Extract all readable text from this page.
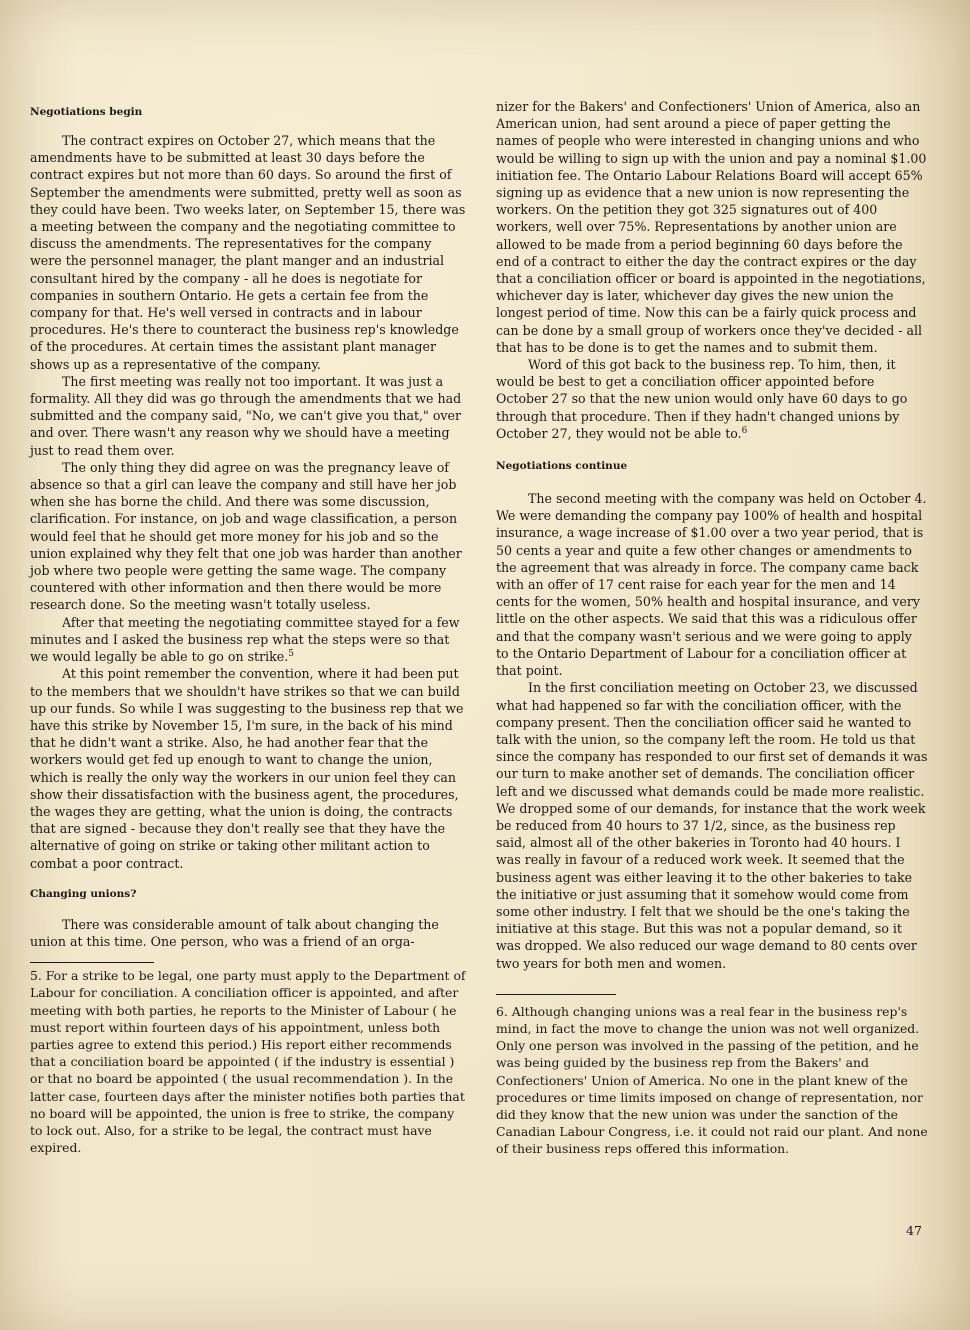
Negotiations begin

The contract expires on October 27, which means that the amendments have to be submitted at least 30 days before the contract expires but not more than 60 days. So around the first of September the amendments were submitted, pretty well as soon as they could have been. Two weeks later, on September 15, there was a meeting between the company and the negotiating committee to discuss the amendments. The representatives for the company were the personnel manager, the plant manger and an industrial consultant hired by the company - all he does is negotiate for companies in southern Ontario. He gets a certain fee from the company for that. He's well versed in contracts and in labour procedures. He's there to counteract the business rep's knowledge of the procedures. At certain times the assistant plant manager shows up as a representative of the company.

The first meeting was really not too important. It was just a formality. All they did was go through the amendments that we had submitted and the company said, "No, we can't give you that," over and over. There wasn't any reason why we should have a meeting just to read them over.

The only thing they did agree on was the pregnancy leave of absence so that a girl can leave the company and still have her job when she has borne the child. And there was some discussion, clarification. For instance, on job and wage classification, a person would feel that he should get more money for his job and so the union explained why they felt that one job was harder than another job where two people were getting the same wage. The company countered with other information and then there would be more research done. So the meeting wasn't totally useless.

After that meeting the negotiating committee stayed for a few minutes and I asked the business rep what the steps were so that we would legally be able to go on strike.$^5$

At this point remember the convention, where it had been put to the members that we shouldn't have strikes so that we can build up our funds. So while I was suggesting to the business rep that we have this strike by November 15, I'm sure, in the back of his mind that he didn't want a strike. Also, he had another fear that the workers would get fed up enough to want to change the union, which is really the only way the workers in our union feel they can show their dissatisfaction with the business agent, the procedures, the wages they are getting, what the union is doing, the contracts that are signed - because they don't really see that they have the alternative of going on strike or taking other militant action to combat a poor contract.

Changing unions?

There was considerable amount of talk about changing the union at this time. One person, who was a friend of an orga-

5. For a strike to be legal, one party must apply to the Department of Labour for conciliation. A conciliation officer is appointed, and after meeting with both parties, he reports to the Minister of Labour ( he must report within fourteen days of his appointment, unless both parties agree to extend this period.) His report either recommends that a conciliation board be appointed ( if the industry is essential ) or that no board be appointed ( the usual recommendation ). In the latter case, fourteen days after the minister notifies both parties that no board will be appointed, the union is free to strike, the company to lock out. Also, for a strike to be legal, the contract must have expired.

nizer for the Bakers' and Confectioners' Union of America, also an American union, had sent around a piece of paper getting the names of people who were interested in changing unions and who would be willing to sign up with the union and pay a nominal $1.00 initiation fee. The Ontario Labour Relations Board will accept 65% signing up as evidence that a new union is now representing the workers. On the petition they got 325 signatures out of 400 workers, well over 75%. Representations by another union are allowed to be made from a period beginning 60 days before the end of a contract to either the day the contract expires or the day that a conciliation officer or board is appointed in the negotiations, whichever day is later, whichever day gives the new union the longest period of time. Now this can be a fairly quick process and can be done by a small group of workers once they've decided - all that has to be done is to get the names and to submit them.

Word of this got back to the business rep. To him, then, it would be best to get a conciliation officer appointed before October 27 so that the new union would only have 60 days to go through that procedure. Then if they hadn't changed unions by October 27, they would not be able to.$^6$

Negotiations continue

The second meeting with the company was held on October 4. We were demanding the company pay 100% of health and hospital insurance, a wage increase of $1.00 over a two year period, that is 50 cents a year and quite a few other changes or amendments to the agreement that was already in force. The company came back with an offer of 17 cent raise for each year for the men and 14 cents for the women, 50% health and hospital insurance, and very little on the other aspects. We said that this was a ridiculous offer and that the company wasn't serious and we were going to apply to the Ontario Department of Labour for a conciliation officer at that point.

In the first conciliation meeting on October 23, we discussed what had happened so far with the conciliation officer, with the company present. Then the conciliation officer said he wanted to talk with the union, so the company left the room. He told us that since the company has responded to our first set of demands it was our turn to make another set of demands. The conciliation officer left and we discussed what demands could be made more realistic. We dropped some of our demands, for instance that the work week be reduced from 40 hours to 37 1/2, since, as the business rep said, almost all of the other bakeries in Toronto had 40 hours. I was really in favour of a reduced work week. It seemed that the business agent was either leaving it to the other bakeries to take the initiative or just assuming that it somehow would come from some other industry. I felt that we should be the one's taking the initiative at this stage. But this was not a popular demand, so it was dropped. We also reduced our wage demand to 80 cents over two years for both men and women.

6. Although changing unions was a real fear in the business rep's mind, in fact the move to change the union was not well organized. Only one person was involved in the passing of the petition, and he was being guided by the business rep from the Bakers' and Confectioners' Union of America. No one in the plant knew of the procedures or time limits imposed on change of representation, nor did they know that the new union was under the sanction of the Canadian Labour Congress, i.e. it could not raid our plant. And none of their business reps offered this information.

47
